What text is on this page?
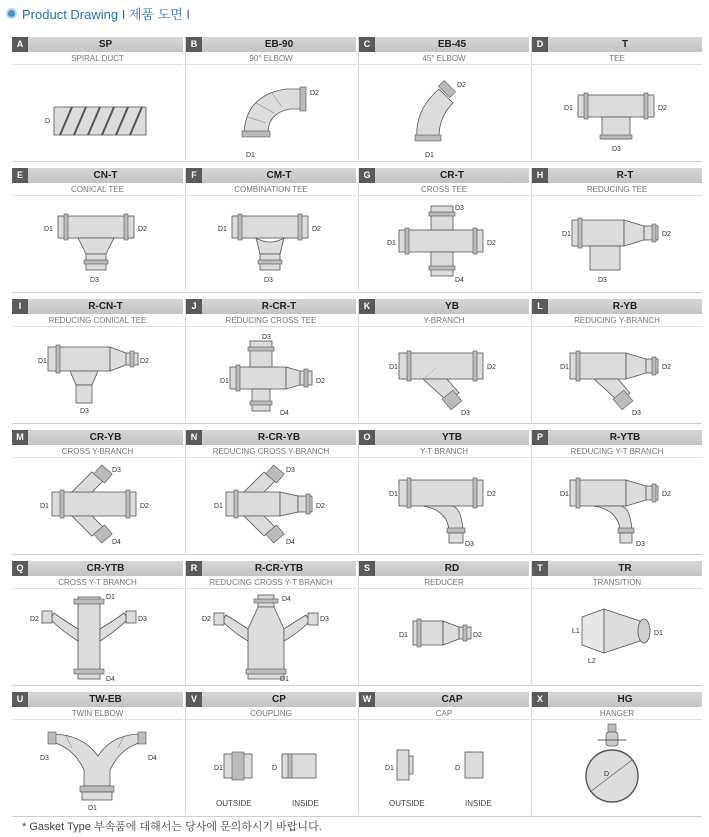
Product Drawing I 제품 도면 I
A	SP
SPIRAL DUCT
D
B	EB-90
90° ELBOW
D1
D2
C	EB-45
45° ELBOW
D1
D2
D	T
TEE
D1	D2
D3
E	CN-T
CONICAL TEE
D1	D2
D3
F	CM-T
COMBINATION TEE
D1	D2
D3
G	CR-T
CROSS TEE
D1	D2
D3
D4
H	R-T
REDUCING TEE
D1	D2
D3
I	R-CN-T
REDUCING CONICAL TEE
D1	D2
D3
J	R-CR-T
REDUCING CROSS TEE
D1	D2
D3
D4
K	YB
Y-BRANCH
D1	D2
D3
L	R-YB
REDUCING Y-BRANCH
D1	D2
D3
M	CR-YB
CROSS Y-BRANCH
D1	D2
D3
D4
N	R-CR-YB
REDUCING CROSS Y-BRANCH
D1	D2
D3
D4
O	YTB
Y-T BRANCH
D1	D2
D3
P	R-YTB
REDUCING Y-T BRANCH
D1	D2
D3
Q	CR-YTB
CROSS Y-T BRANCH
D1
D2	D3
D4
R	R-CR-YTB
REDUCING CROSS Y-T BRANCH
D1
D2	D3
D4
S	RD
REDUCER
D1	D2
T	TR
TRANSITION
L1
L2
D1
U	TW-EB
TWIN ELBOW
D3	D4
D1
V	CP
COUPLING
D1	D
OUTSIDE	INSIDE
W	CAP
CAP
D1	D
OUTSIDE	INSIDE
X	HG
HANGER
D
* Gasket Type 부속품에 대해서는 당사에 문의하시기 바랍니다.
